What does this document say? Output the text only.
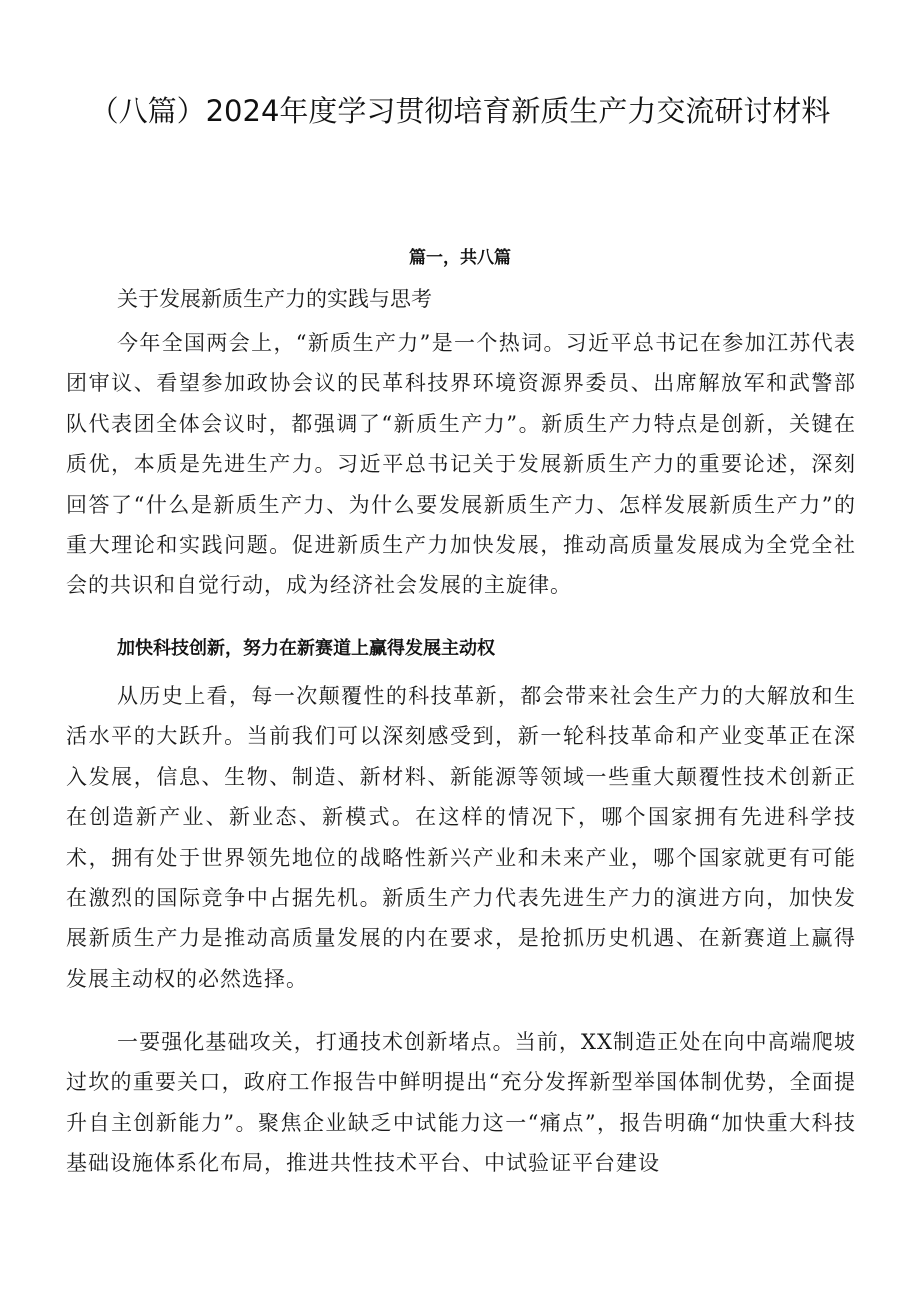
（八篇）2024年度学习贯彻培育新质生产力交流研讨材料
篇一，共八篇
关于发展新质生产力的实践与思考

今年全国两会上，“新质生产力”是一个热词。习近平总书记在参加江苏代表团审议、看望参加政协会议的民革科技界环境资源界委员、出席解放军和武警部队代表团全体会议时，都强调了“新质生产力”。新质生产力特点是创新，关键在质优，本质是先进生产力。习近平总书记关于发展新质生产力的重要论述，深刻回答了“什么是新质生产力、为什么要发展新质生产力、怎样发展新质生产力”的重大理论和实践问题。促进新质生产力加快发展，推动高质量发展成为全党全社会的共识和自觉行动，成为经济社会发展的主旋律。

加快科技创新，努力在新赛道上赢得发展主动权

从历史上看，每一次颠覆性的科技革新，都会带来社会生产力的大解放和生活水平的大跃升。当前我们可以深刻感受到，新一轮科技革命和产业变革正在深入发展，信息、生物、制造、新材料、新能源等领域一些重大颠覆性技术创新正在创造新产业、新业态、新模式。在这样的情况下，哪个国家拥有先进科学技术，拥有处于世界领先地位的战略性新兴产业和未来产业，哪个国家就更有可能在激烈的国际竞争中占据先机。新质生产力代表先进生产力的演进方向，加快发展新质生产力是推动高质量发展的内在要求，是抢抓历史机遇、在新赛道上赢得发展主动权的必然选择。

一要强化基础攻关，打通技术创新堵点。当前，XX制造正处在向中高端爬坡过坎的重要关口，政府工作报告中鲜明提出“充分发挥新型举国体制优势，全面提升自主创新能力”。聚焦企业缺乏中试能力这一“痛点”，报告明确“加快重大科技基础设施体系化布局，推进共性技术平台、中试验证平台建设
